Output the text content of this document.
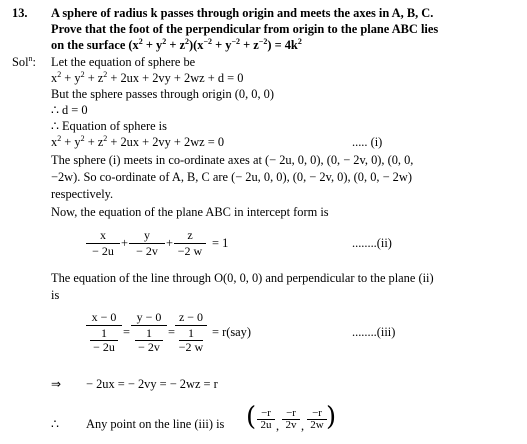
13. A sphere of radius k passes through origin and meets the axes in A, B, C.
Prove that the foot of the perpendicular from origin to the plane ABC lies
on the surface $(x^2 + y^2 + z^2)(x^{-2} + y^{-2} + z^{-2}) = 4k^2$
Sol$^n$: Let the equation of sphere be
$x^2 + y^2 + z^2 + 2ux + 2vy + 2wz + d = 0$
But the sphere passes through origin (0, 0, 0)
∴ d = 0
∴ Equation of sphere is
$x^2 + y^2 + z^2 + 2ux + 2vy + 2wz = 0$	..... (i)
The sphere (i) meets in co-ordinate axes at (− 2u, 0, 0), (0, − 2v, 0), (0, 0,
−2w). So co-ordinate of A, B, C are (− 2u, 0, 0), (0, − 2v, 0), (0, 0, − 2w)
respectively.
Now, the equation of the plane ABC in intercept form is
x
− 2u
+
y
− 2v
+
z
−2 w
= 1	........(ii)
The equation of the line through O(0, 0, 0) and perpendicular to the plane (ii)
is
x − 0
1
− 2u
=
y − 0
1
− 2v
=
z − 0
1
−2 w
= r(say)	........(iii)
⇒ − 2ux = − 2vy = − 2wz = r
∴ Any point on the line (iii) is ( −r
2u ,
−r
2v ,
−r
2w )
